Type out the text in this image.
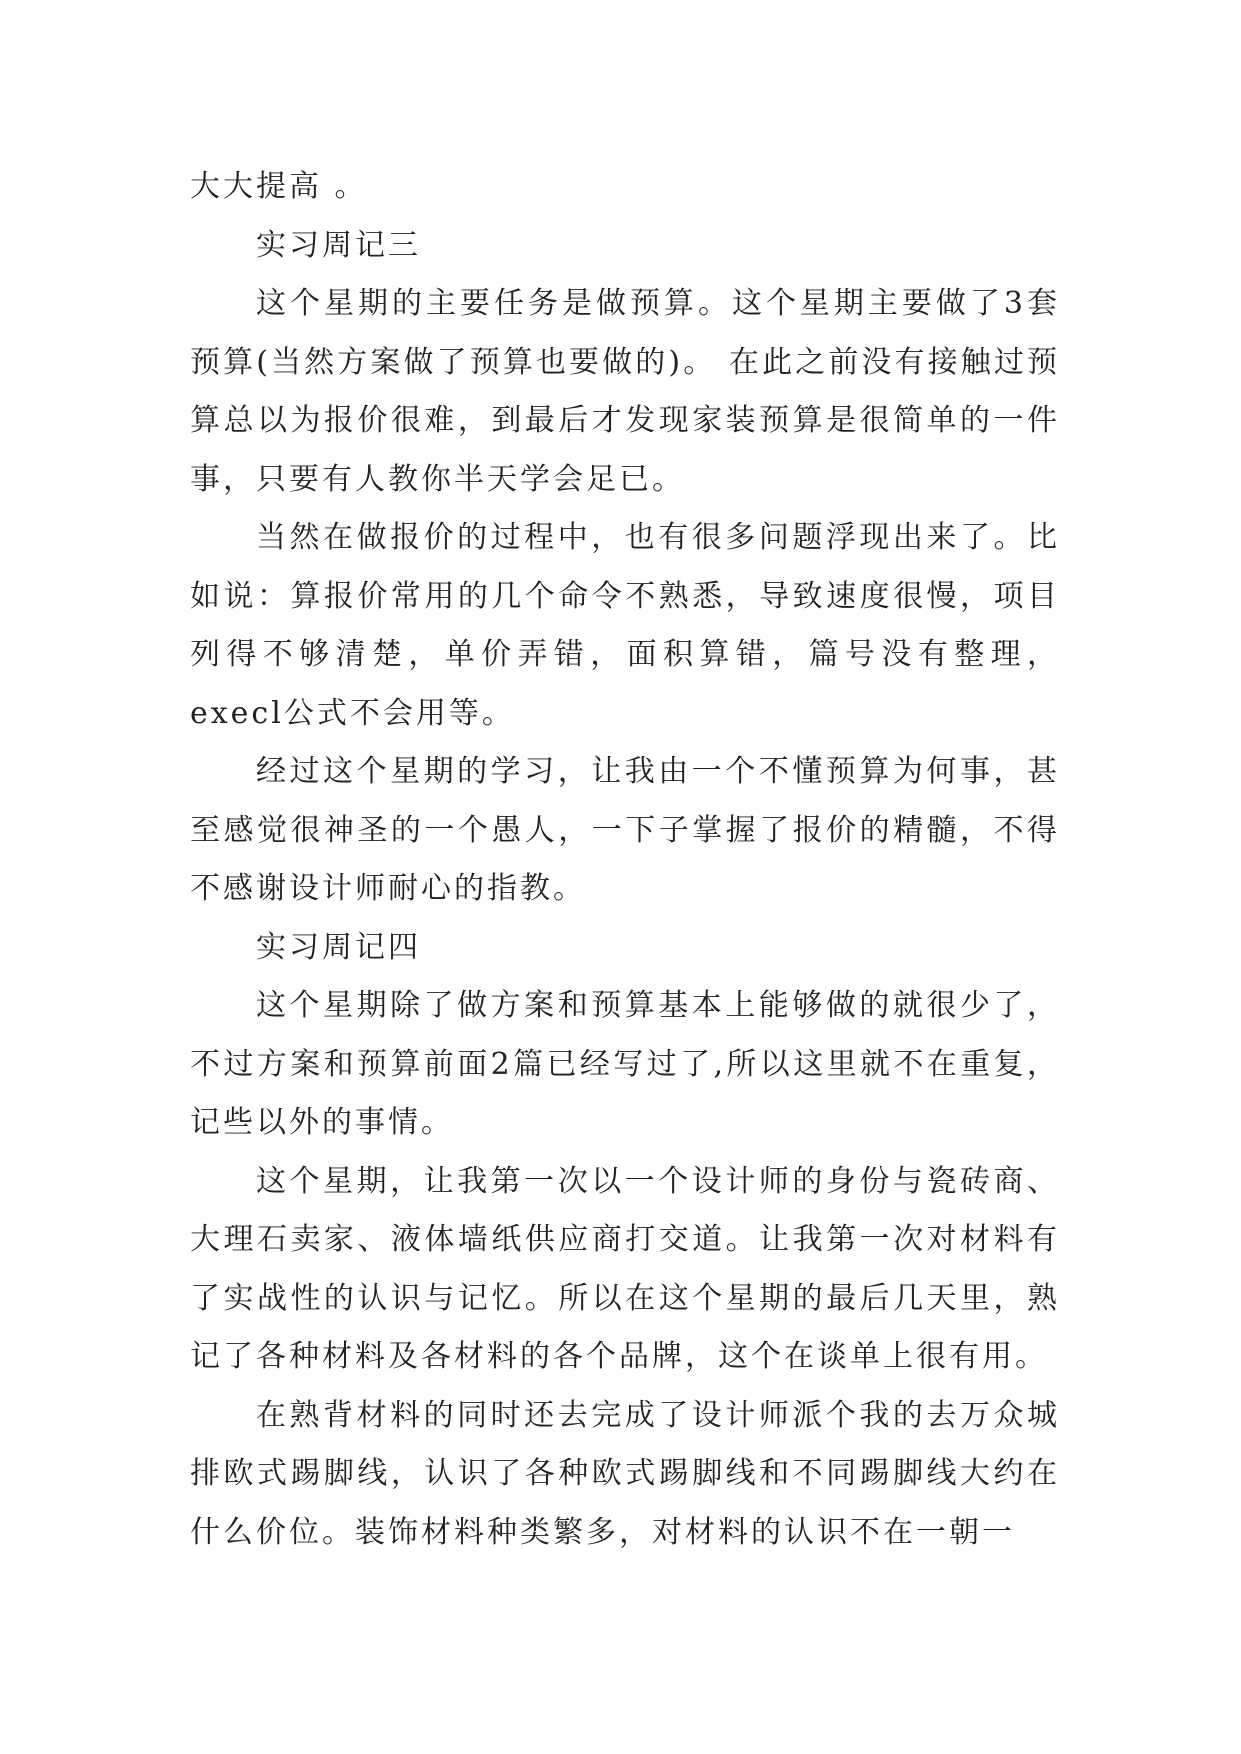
大大提高 。

实习周记三

这个星期的主要任务是做预算。这个星期主要做了3套预算(当然方案做了预算也要做的)。 在此之前没有接触过预算总以为报价很难，到最后才发现家装预算是很简单的一件事，只要有人教你半天学会足已。

当然在做报价的过程中，也有很多问题浮现出来了。比如说：算报价常用的几个命令不熟悉，导致速度很慢，项目列得不够清楚，单价弄错，面积算错，篇号没有整理，execl公式不会用等。

经过这个星期的学习，让我由一个不懂预算为何事，甚至感觉很神圣的一个愚人，一下子掌握了报价的精髓，不得不感谢设计师耐心的指教。

实习周记四

这个星期除了做方案和预算基本上能够做的就很少了，不过方案和预算前面2篇已经写过了,所以这里就不在重复，记些以外的事情。

这个星期，让我第一次以一个设计师的身份与瓷砖商、大理石卖家、液体墙纸供应商打交道。让我第一次对材料有了实战性的认识与记忆。所以在这个星期的最后几天里，熟记了各种材料及各材料的各个品牌，这个在谈单上很有用。

在熟背材料的同时还去完成了设计师派个我的去万众城排欧式踢脚线，认识了各种欧式踢脚线和不同踢脚线大约在什么价位。装饰材料种类繁多，对材料的认识不在一朝一
